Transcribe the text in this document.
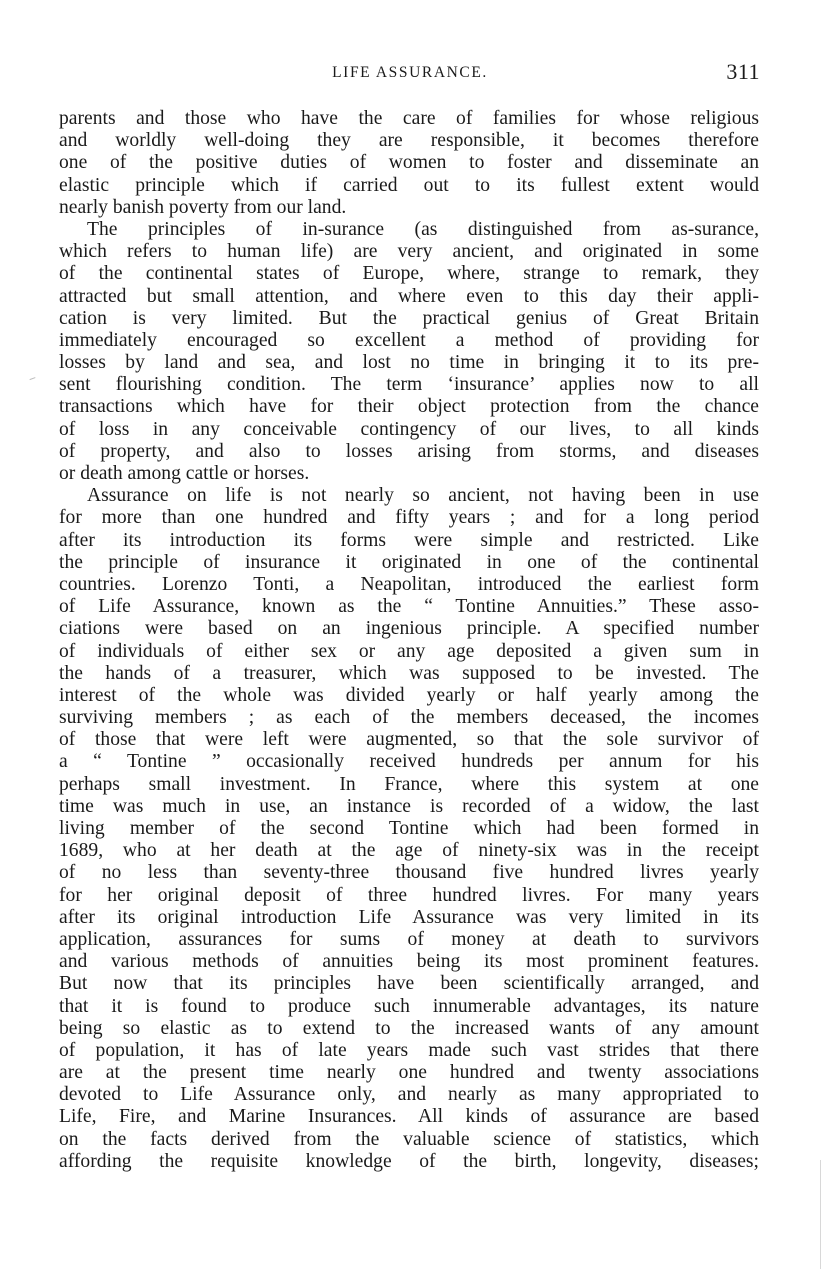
LIFE ASSURANCE.	311
parents and those who have the care of families for whose religious
and worldly well-doing they are responsible, it becomes therefore
one of the positive duties of women to foster and disseminate an
elastic principle which if carried out to its fullest extent would
nearly banish poverty from our land.
The principles of in-surance (as distinguished from as-surance,
which refers to human life) are very ancient, and originated in some
of the continental states of Europe, where, strange to remark, they
attracted but small attention, and where even to this day their appli-
cation is very limited. But the practical genius of Great Britain
immediately encouraged so excellent a method of providing for
losses by land and sea, and lost no time in bringing it to its pre-
sent flourishing condition. The term ‘insurance’ applies now to all
transactions which have for their object protection from the chance
of loss in any conceivable contingency of our lives, to all kinds
of property, and also to losses arising from storms, and diseases
or death among cattle or horses.
Assurance on life is not nearly so ancient, not having been in use
for more than one hundred and fifty years ; and for a long period
after its introduction its forms were simple and restricted. Like
the principle of insurance it originated in one of the continental
countries. Lorenzo Tonti, a Neapolitan, introduced the earliest form
of Life Assurance, known as the “ Tontine Annuities.” These asso-
ciations were based on an ingenious principle. A specified number
of individuals of either sex or any age deposited a given sum in
the hands of a treasurer, which was supposed to be invested. The
interest of the whole was divided yearly or half yearly among the
surviving members ; as each of the members deceased, the incomes
of those that were left were augmented, so that the sole survivor of
a “ Tontine ” occasionally received hundreds per annum for his
perhaps small investment. In France, where this system at one
time was much in use, an instance is recorded of a widow, the last
living member of the second Tontine which had been formed in
1689, who at her death at the age of ninety-six was in the receipt
of no less than seventy-three thousand five hundred livres yearly
for her original deposit of three hundred livres. For many years
after its original introduction Life Assurance was very limited in its
application, assurances for sums of money at death to survivors
and various methods of annuities being its most prominent features.
But now that its principles have been scientifically arranged, and
that it is found to produce such innumerable advantages, its nature
being so elastic as to extend to the increased wants of any amount
of population, it has of late years made such vast strides that there
are at the present time nearly one hundred and twenty associations
devoted to Life Assurance only, and nearly as many appropriated to
Life, Fire, and Marine Insurances. All kinds of assurance are based
on the facts derived from the valuable science of statistics, which
affording the requisite knowledge of the birth, longevity, diseases;
